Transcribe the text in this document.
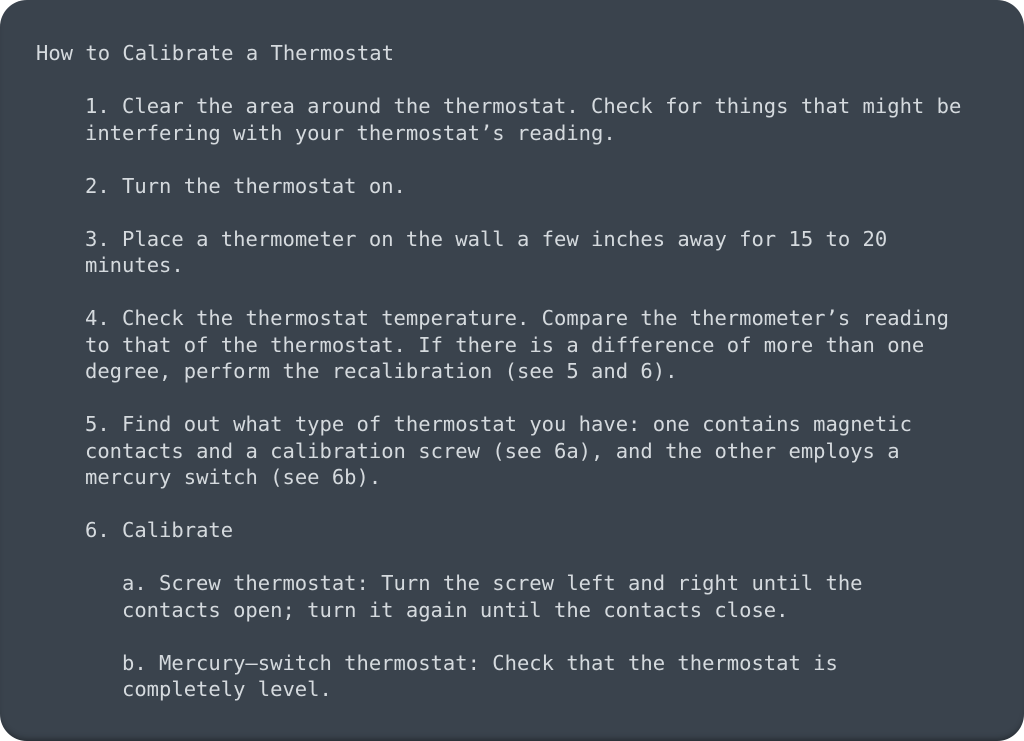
How to Calibrate a Thermostat
1. Clear the area around the thermostat. Check for things that might be
interfering with your thermostat’s reading.
2. Turn the thermostat on.
3. Place a thermometer on the wall a few inches away for 15 to 20
minutes.
4. Check the thermostat temperature. Compare the thermometer’s reading
to that of the thermostat. If there is a difference of more than one
degree, perform the recalibration (see 5 and 6).
5. Find out what type of thermostat you have: one contains magnetic
contacts and a calibration screw (see 6a), and the other employs a
mercury switch (see 6b).
6. Calibrate
a. Screw thermostat: Turn the screw left and right until the
contacts open; turn it again until the contacts close.
b. Mercury–switch thermostat: Check that the thermostat is
completely level.
